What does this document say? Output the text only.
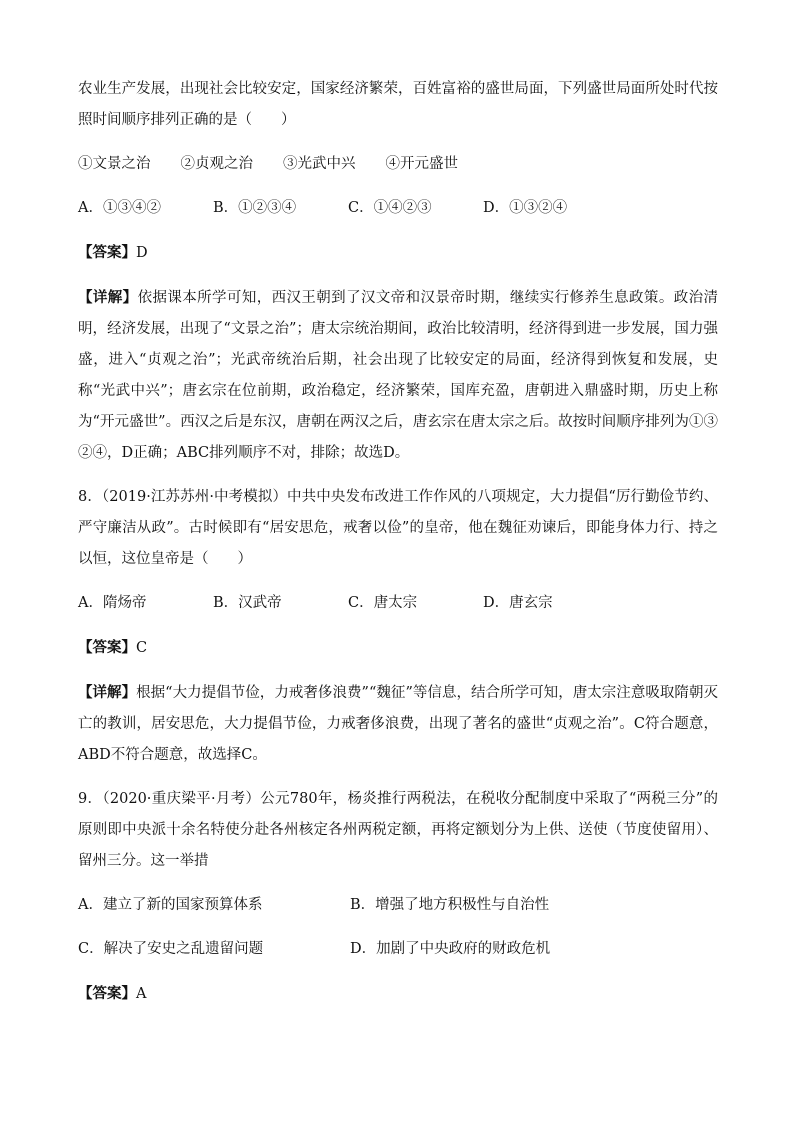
农业生产发展，出现社会比较安定，国家经济繁荣，百姓富裕的盛世局面，下列盛世局面所处时代按照时间顺序排列正确的是（　　）

①文景之治 ②贞观之治 ③光武中兴 ④开元盛世
A．①③④②	B．①②③④	C．①④②③	D．①③②④

【答案】D

【详解】依据课本所学可知，西汉王朝到了汉文帝和汉景帝时期，继续实行修养生息政策。政治清明，经济发展，出现了“文景之治”；唐太宗统治期间，政治比较清明，经济得到进一步发展，国力强盛，进入“贞观之治”；光武帝统治后期，社会出现了比较安定的局面，经济得到恢复和发展，史称“光武中兴”；唐玄宗在位前期，政治稳定，经济繁荣，国库充盈，唐朝进入鼎盛时期，历史上称为“开元盛世”。西汉之后是东汉，唐朝在两汉之后，唐玄宗在唐太宗之后。故按时间顺序排列为①③②④，D正确；ABC排列顺序不对，排除；故选D。

8．（2019·江苏苏州·中考模拟）中共中央发布改进工作作风的八项规定，大力提倡“厉行勤俭节约、严守廉洁从政”。古时候即有“居安思危，戒奢以俭”的皇帝，他在魏征劝谏后，即能身体力行、持之以恒，这位皇帝是（　　）

A．隋炀帝	B．汉武帝	C．唐太宗	D．唐玄宗

【答案】C

【详解】根据“大力提倡节俭，力戒奢侈浪费”“魏征”等信息，结合所学可知，唐太宗注意吸取隋朝灭亡的教训，居安思危，大力提倡节俭，力戒奢侈浪费，出现了著名的盛世“贞观之治”。C符合题意，ABD不符合题意，故选择C。

9．（2020·重庆梁平·月考）公元780年，杨炎推行两税法，在税收分配制度中采取了“两税三分”的原则即中央派十余名特使分赴各州核定各州两税定额，再将定额划分为上供、送使（节度使留用）、留州三分。这一举措

A．建立了新的国家预算体系	B．增强了地方积极性与自治性
C．解决了安史之乱遗留问题	D．加剧了中央政府的财政危机

【答案】A
